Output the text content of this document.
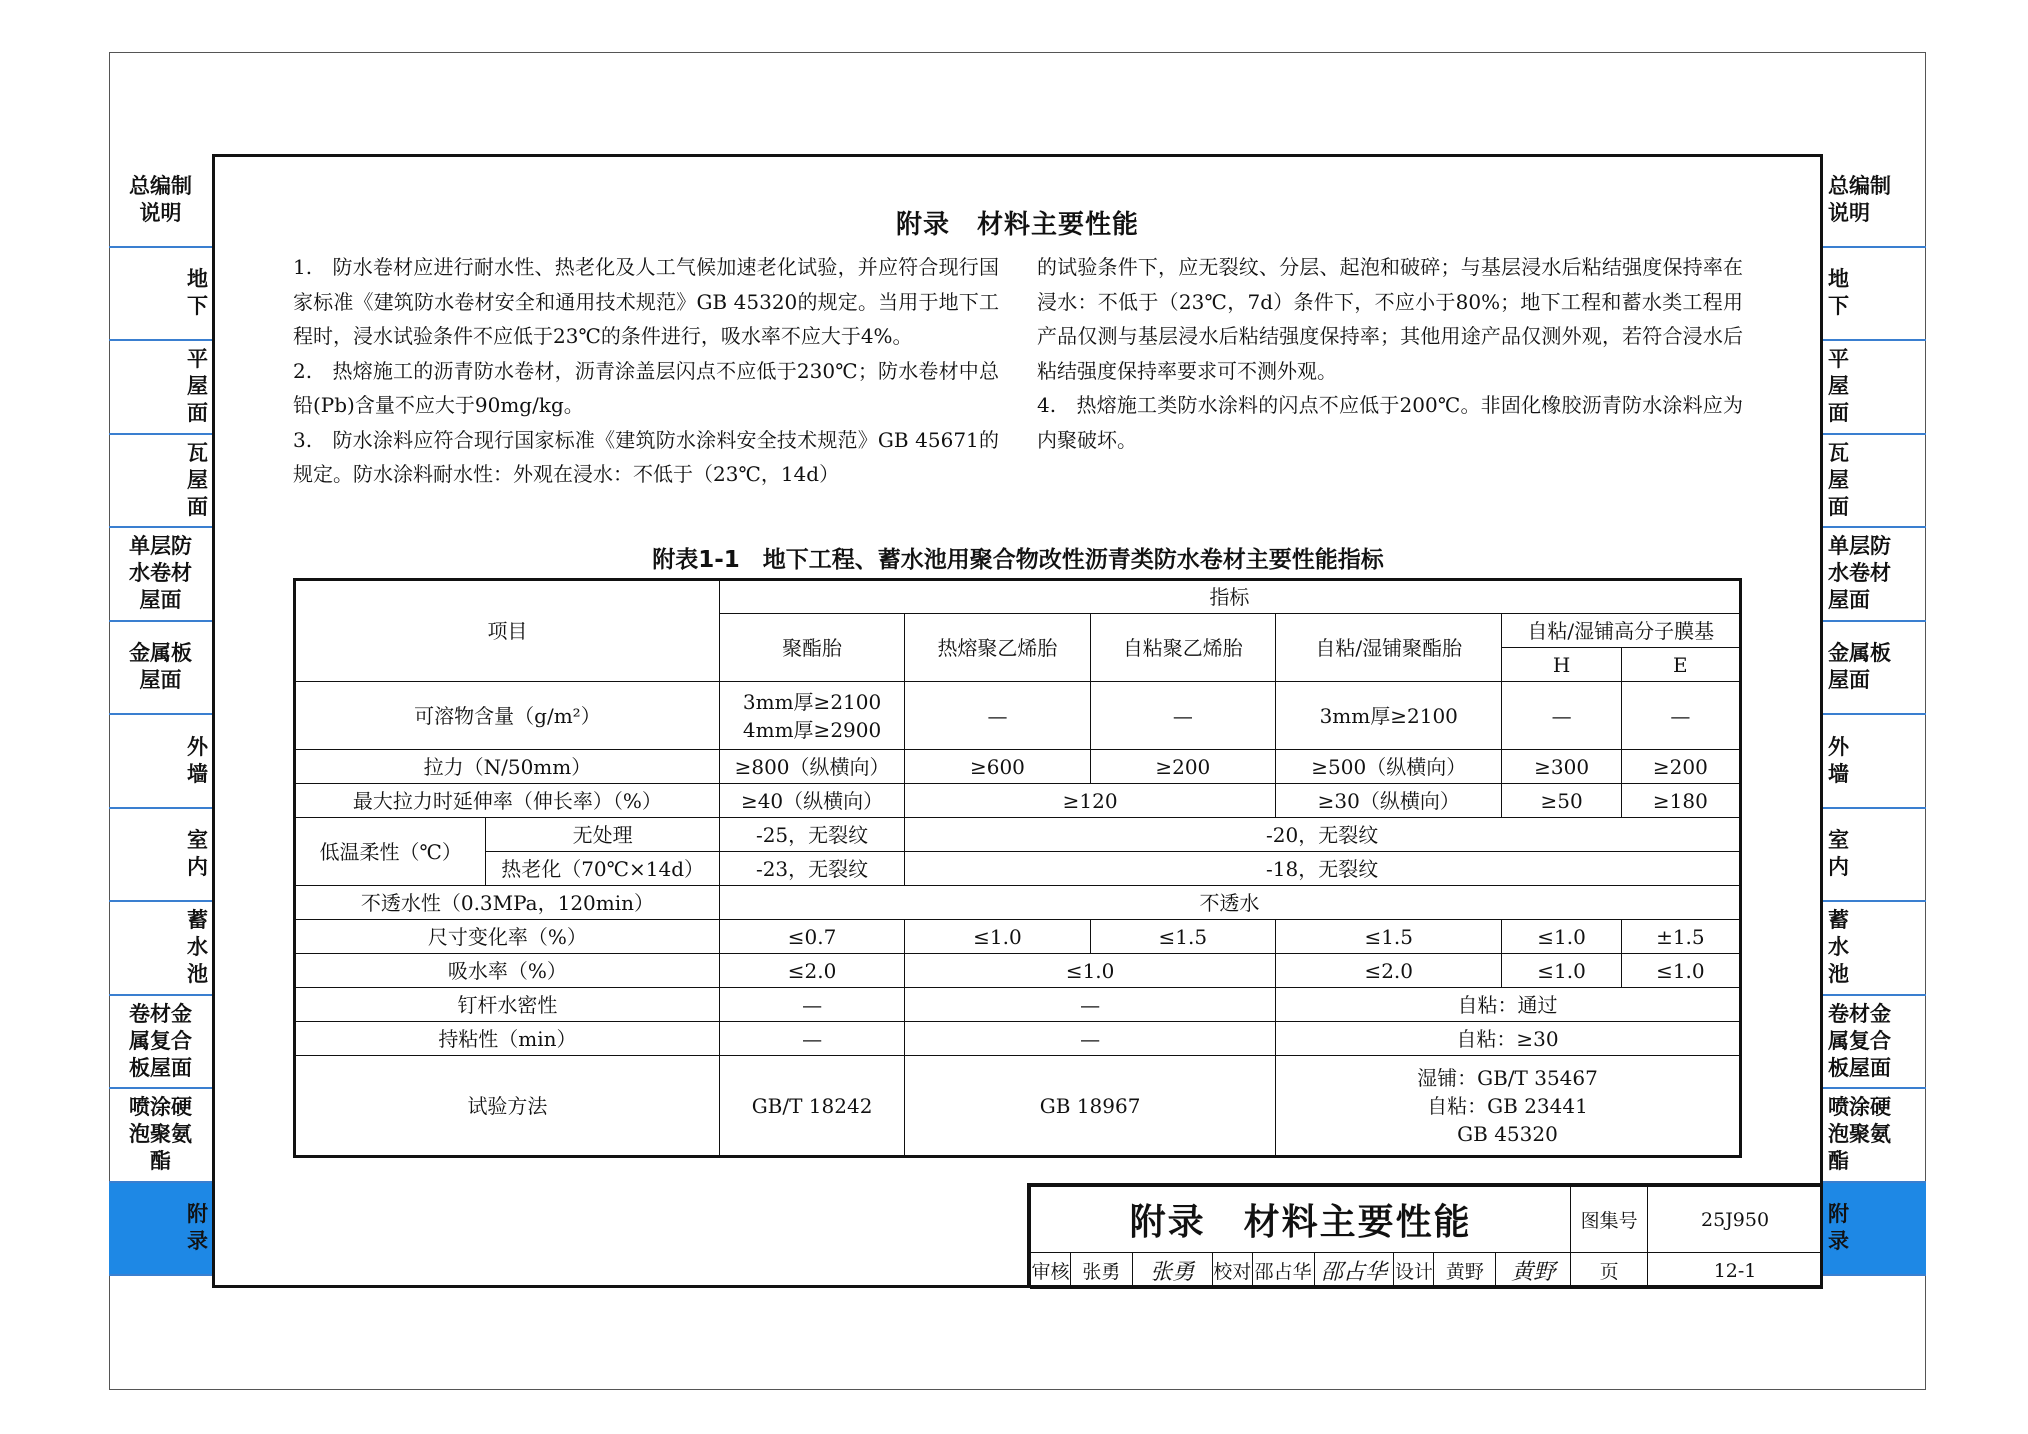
总编制
说明
地
下
平
屋
面
瓦
屋
面
单层防
水卷材
屋面
金属板
屋面
外
墙
室
内
蓄
水
池
卷材金
属复合
板屋面
喷涂硬
泡聚氨
酯
附
录
总编制
说明
地
下
平
屋
面
瓦
屋
面
单层防
水卷材
屋面
金属板
屋面
外
墙
室
内
蓄
水
池
卷材金
属复合
板屋面
喷涂硬
泡聚氨
酯
附
录
附录　材料主要性能

1.　防水卷材应进行耐水性、热老化及人工气候加速老化试验，并应符合现行国家标准《建筑防水卷材安全和通用技术规范》GB 45320的规定。当用于地下工程时，浸水试验条件不应低于23℃的条件进行，吸水率不应大于4%。

2.　热熔施工的沥青防水卷材，沥青涂盖层闪点不应低于230℃；防水卷材中总铅(Pb)含量不应大于90mg/kg。

3.　防水涂料应符合现行国家标准《建筑防水涂料安全技术规范》GB 45671的规定。防水涂料耐水性：外观在浸水：不低于（23℃，14d）

的试验条件下，应无裂纹、分层、起泡和破碎；与基层浸水后粘结强度保持率在浸水：不低于（23℃，7d）条件下，不应小于80%；地下工程和蓄水类工程用产品仅测与基层浸水后粘结强度保持率；其他用途产品仅测外观，若符合浸水后粘结强度保持率要求可不测外观。

4.　热熔施工类防水涂料的闪点不应低于200℃。非固化橡胶沥青防水涂料应为内聚破坏。

附表1-1　地下工程、蓄水池用聚合物改性沥青类防水卷材主要性能指标
项目		指标					
		聚酯胎	热熔聚乙烯胎	自粘聚乙烯胎	自粘/湿铺聚酯胎	自粘/湿铺高分子膜基	
						H	E
可溶物含量（g/m²）		3mm厚≥2100
4mm厚≥2900	—	—	3mm厚≥2100	—	—
拉力（N/50mm）		≥800（纵横向）	≥600	≥200	≥500（纵横向）	≥300	≥200
最大拉力时延伸率（伸长率）（%）		≥40（纵横向）	≥120		≥30（纵横向）	≥50	≥180
低温柔性（℃）	无处理	-25，无裂纹	-20，无裂纹				
	热老化（70℃×14d）	-23，无裂纹	-18，无裂纹				
不透水性（0.3MPa，120min）		不透水					
尺寸变化率（%）		≤0.7	≤1.0	≤1.5	≤1.5	≤1.0	±1.5
吸水率（%）		≤2.0	≤1.0		≤2.0	≤1.0	≤1.0
钉杆水密性		—	—		自粘：通过		
持粘性（min）		—	—		自粘：≥30		
试验方法		GB/T 18242	GB 18967		湿铺：GB/T 35467
自粘：GB 23441
GB 45320		
附录　材料主要性能									图集号	25J950
审核	张勇	张勇	校对	邵占华	邵占华	设计	黄野	黄野	页	12-1
